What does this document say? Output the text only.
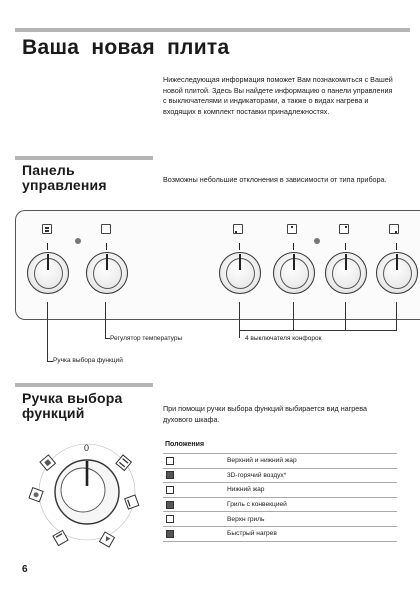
Ваша новая плита

Нижеследующая информация поможет Вам познакомиться с Вашей новой плитой. Здесь Вы найдете информацию о панели управления с выключателями и индикаторами, а также о видах нагрева и входящих в комплект поставки принадлежностях.

Панель управления	Возможны небольшие отклонения в зависимости от типа прибора.

Регулятор температуры	4 выключателя конфорок
Ручка выбора функций
Ручка выбора функций	При помощи ручки выбора функций выбирается вид нагрева духового шкафа.

0	Положения
	Верхний и нижний жар
	3D-горячий воздух*
	Нижний жар
	Гриль с конвекцией
	Верхн гриль
	Быстрый нагрев
6
